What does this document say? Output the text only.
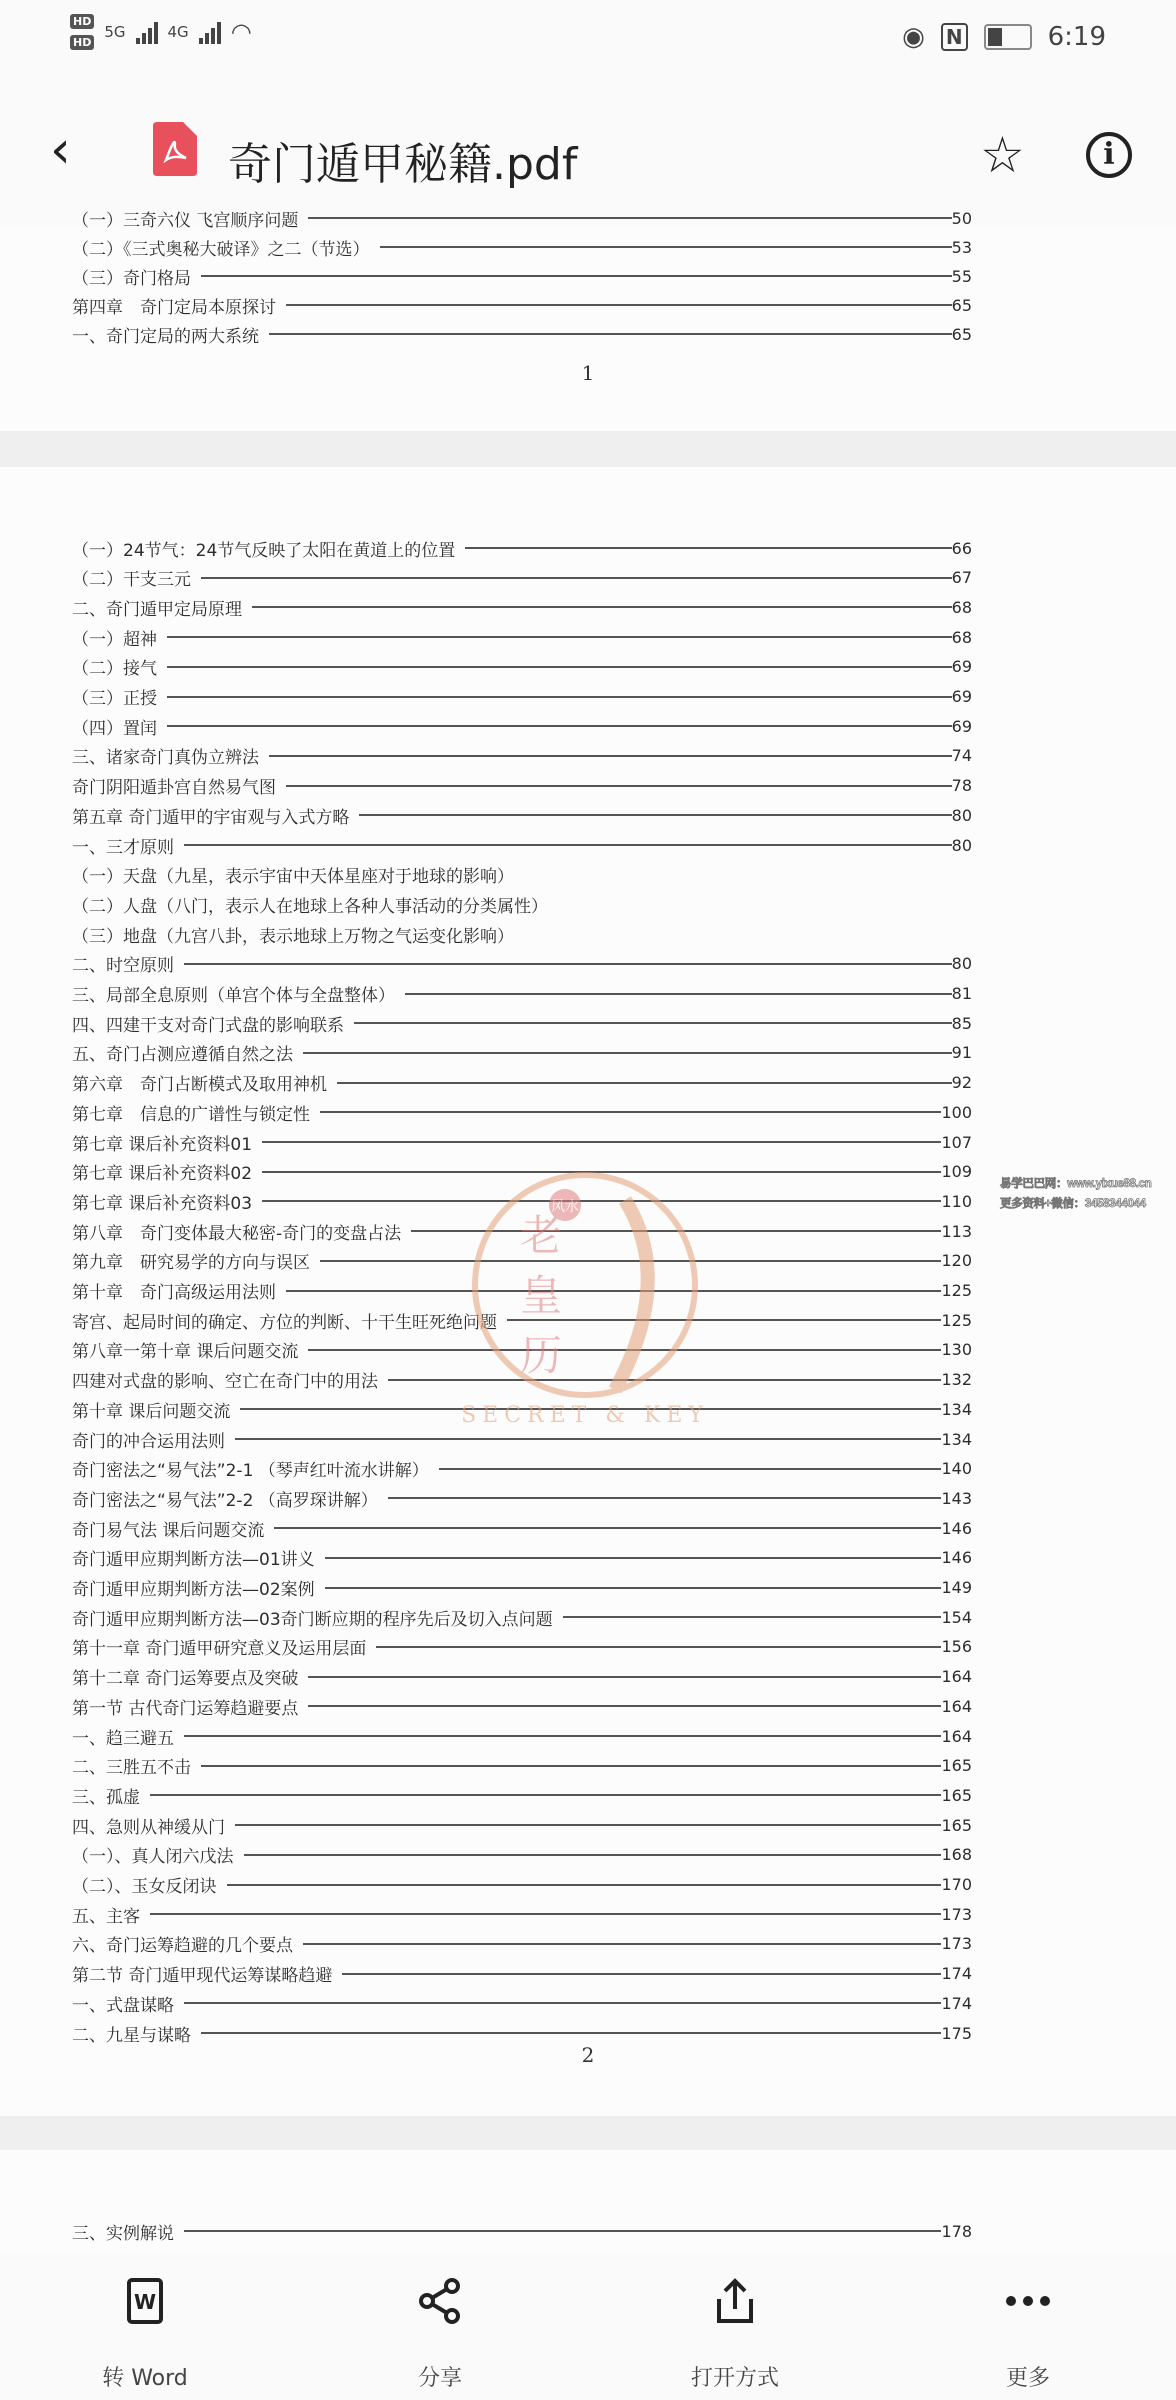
HD
HD
5G	4G ◠	◉ N	6:19
‹	奇门遁甲秘籍.pdf	☆	i
1
（一）三奇六仪 飞宫顺序问题	50
（二）《三式奥秘大破译》之二（节选）	53
（三）奇门格局	55
第四章　奇门定局本原探讨	65
一、奇门定局的两大系统	65
2
（一）24节气：24节气反映了太阳在黄道上的位置	66
（二）干支三元	67
二、奇门遁甲定局原理	68
（一）超神	68
（二）接气	69
（三）正授	69
（四）置闰	69
三、诸家奇门真伪立辨法	74
奇门阴阳遁卦宫自然易气图	78
第五章 奇门遁甲的宇宙观与入式方略	80
一、三才原则	80
（一）天盘（九星，表示宇宙中天体星座对于地球的影响）
（二）人盘（八门，表示人在地球上各种人事活动的分类属性）
（三）地盘（九宫八卦，表示地球上万物之气运变化影响）
二、时空原则	80
三、局部全息原则（单宫个体与全盘整体）	81
四、四建干支对奇门式盘的影响联系	85
五、奇门占测应遵循自然之法	91
第六章　奇门占断模式及取用神机	92
第七章　信息的广谱性与锁定性	100
第七章 课后补充资料01	107
第七章 课后补充资料02	109
第七章 课后补充资料03	110
第八章　奇门变体最大秘密-奇门的变盘占法	113
第九章　研究易学的方向与误区	120
第十章　奇门高级运用法则	125
寄宫、起局时间的确定、方位的判断、十干生旺死绝问题	125
第八章一第十章 课后问题交流	130
四建对式盘的影响、空亡在奇门中的用法	132
第十章 课后问题交流	134
奇门的冲合运用法则	134
奇门密法之“易气法”2-1 （琴声红叶流水讲解）	140
奇门密法之“易气法”2-2 （高罗琛讲解）	143
奇门易气法 课后问题交流	146
奇门遁甲应期判断方法—01讲义	146
奇门遁甲应期判断方法—02案例	149
奇门遁甲应期判断方法—03奇门断应期的程序先后及切入点问题	154
第十一章 奇门遁甲研究意义及运用层面	156
第十二章 奇门运筹要点及突破	164
第一节 古代奇门运筹趋避要点	164
一、趋三避五	164
二、三胜五不击	165
三、孤虚	165
四、急则从神缓从门	165
（一）、真人闭六戊法	168
（二）、玉女反闭诀	170
五、主客	173
六、奇门运筹趋避的几个要点	173
第二节 奇门遁甲现代运筹谋略趋避	174
一、式盘谋略	174
二、九星与谋略	175
三、实例解说	178
风水
老
皇
历
SECRET & KEY
易学巴巴网：www.yixue88.cn
更多资料+微信：3458344044
W
转 Word	分享	打开方式	更多
